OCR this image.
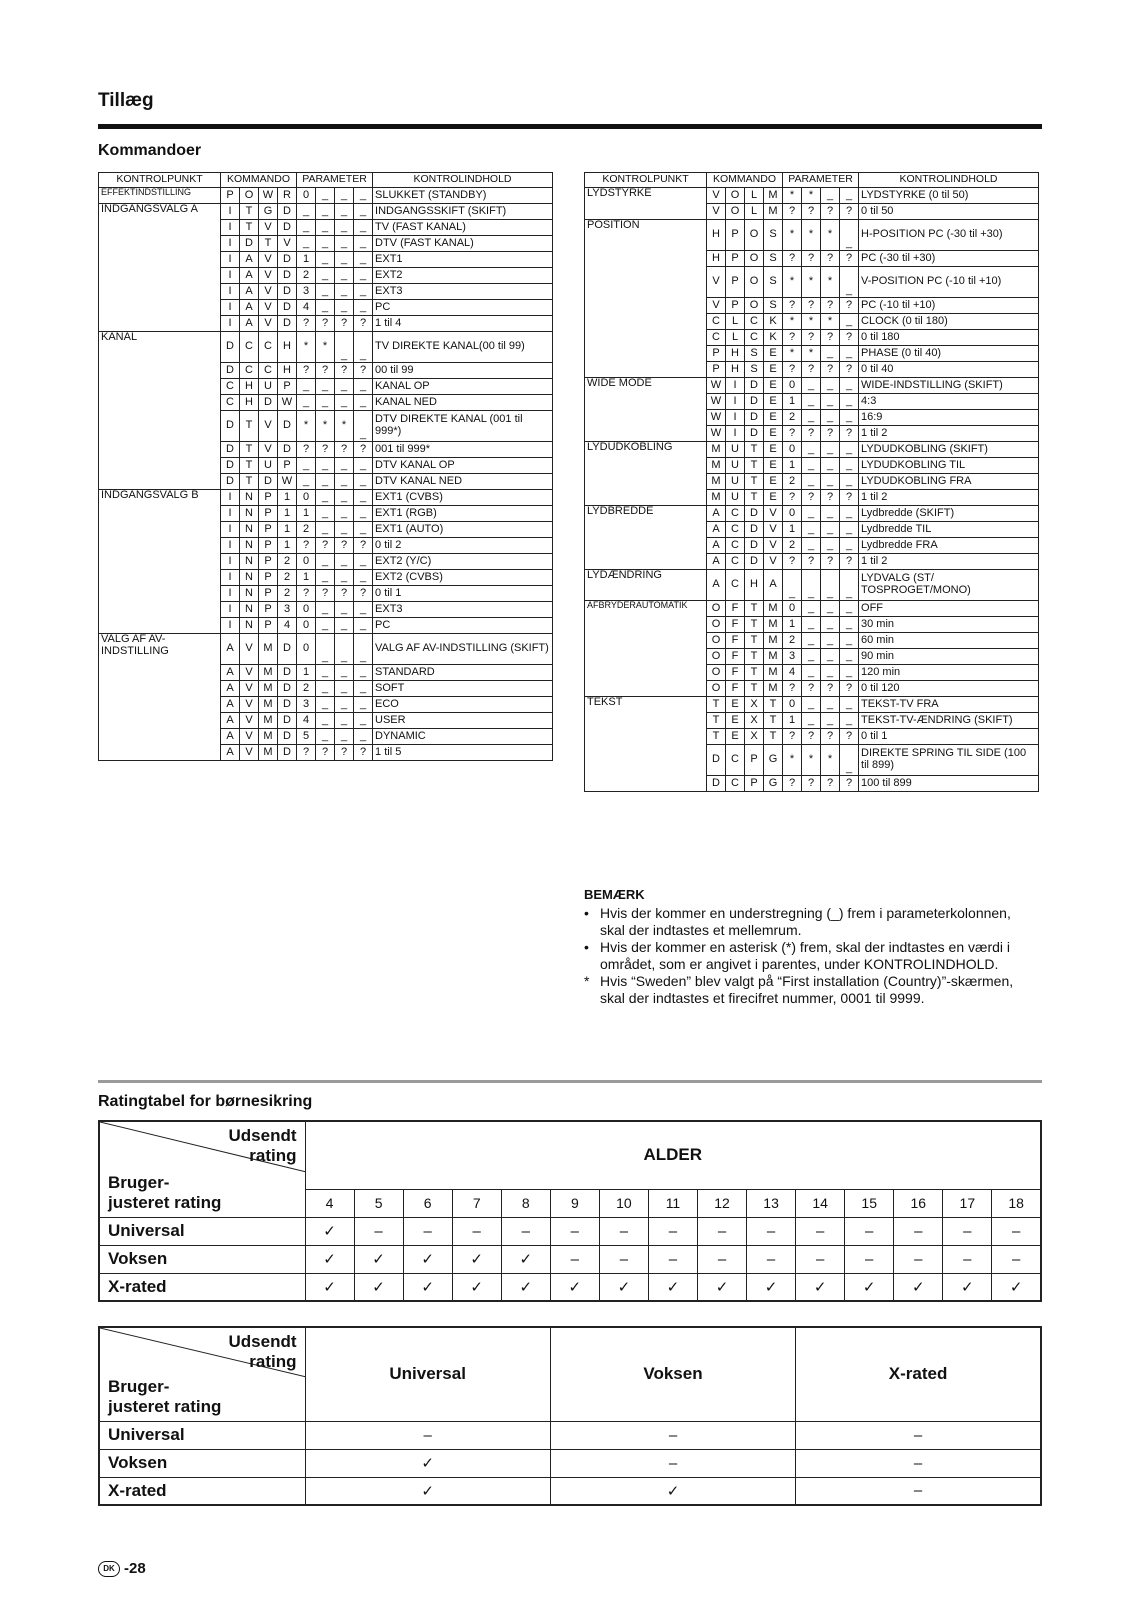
Tillæg
Kommandoer
KONTROLPUNKT	KOMMANDO				PARAMETER				KONTROLINDHOLD
EFFEKTINDSTILLING	P	O	W	R	0	_	_	_	SLUKKET (STANDBY)
INDGANGSVALG A	I	T	G	D	_	_	_	_	INDGANGSSKIFT (SKIFT)
	I	T	V	D	_	_	_	_	TV (FAST KANAL)
	I	D	T	V	_	_	_	_	DTV (FAST KANAL)
	I	A	V	D	1	_	_	_	EXT1
	I	A	V	D	2	_	_	_	EXT2
	I	A	V	D	3	_	_	_	EXT3
	I	A	V	D	4	_	_	_	PC
	I	A	V	D	?	?	?	?	1 til 4
KANAL	D	C	C	H	*	*	_	_	TV DIREKTE KANAL(00 til 99)
	D	C	C	H	?	?	?	?	00 til 99
	C	H	U	P	_	_	_	_	KANAL OP
	C	H	D	W	_	_	_	_	KANAL NED
	D	T	V	D	*	*	*	_	DTV DIREKTE KANAL (001 til 999*)
	D	T	V	D	?	?	?	?	001 til 999*
	D	T	U	P	_	_	_	_	DTV KANAL OP
	D	T	D	W	_	_	_	_	DTV KANAL NED
INDGANGSVALG B	I	N	P	1	0	_	_	_	EXT1 (CVBS)
	I	N	P	1	1	_	_	_	EXT1 (RGB)
	I	N	P	1	2	_	_	_	EXT1 (AUTO)
	I	N	P	1	?	?	?	?	0 til 2
	I	N	P	2	0	_	_	_	EXT2 (Y/C)
	I	N	P	2	1	_	_	_	EXT2 (CVBS)
	I	N	P	2	?	?	?	?	0 til 1
	I	N	P	3	0	_	_	_	EXT3
	I	N	P	4	0	_	_	_	PC
VALG AF AV-INDSTILLING	A	V	M	D	0	_	_	_	VALG AF AV-INDSTILLING (SKIFT)
	A	V	M	D	1	_	_	_	STANDARD
	A	V	M	D	2	_	_	_	SOFT
	A	V	M	D	3	_	_	_	ECO
	A	V	M	D	4	_	_	_	USER
	A	V	M	D	5	_	_	_	DYNAMIC
	A	V	M	D	?	?	?	?	1 til 5
KONTROLPUNKT	KOMMANDO				PARAMETER				KONTROLINDHOLD
LYDSTYRKE	V	O	L	M	*	*	_	_	LYDSTYRKE (0 til 50)
	V	O	L	M	?	?	?	?	0 til 50
POSITION	H	P	O	S	*	*	*	_	H-POSITION PC (-30 til +30)
	H	P	O	S	?	?	?	?	PC (-30 til +30)
	V	P	O	S	*	*	*	_	V-POSITION PC (-10 til +10)
	V	P	O	S	?	?	?	?	PC (-10 til +10)
	C	L	C	K	*	*	*	_	CLOCK (0 til 180)
	C	L	C	K	?	?	?	?	0 til 180
	P	H	S	E	*	*	_	_	PHASE (0 til 40)
	P	H	S	E	?	?	?	?	0 til 40
WIDE MODE	W	I	D	E	0	_	_	_	WIDE-INDSTILLING (SKIFT)
	W	I	D	E	1	_	_	_	4:3
	W	I	D	E	2	_	_	_	16:9
	W	I	D	E	?	?	?	?	1 til 2
LYDUDKOBLING	M	U	T	E	0	_	_	_	LYDUDKOBLING (SKIFT)
	M	U	T	E	1	_	_	_	LYDUDKOBLING TIL
	M	U	T	E	2	_	_	_	LYDUDKOBLING FRA
	M	U	T	E	?	?	?	?	1 til 2
LYDBREDDE	A	C	D	V	0	_	_	_	Lydbredde (SKIFT)
	A	C	D	V	1	_	_	_	Lydbredde TIL
	A	C	D	V	2	_	_	_	Lydbredde FRA
	A	C	D	V	?	?	?	?	1 til 2
LYDÆNDRING	A	C	H	A	_	_	_	_	LYDVALG (ST/ TOSPROGET/MONO)
AFBRYDERAUTOMATIK	O	F	T	M	0	_	_	_	OFF
	O	F	T	M	1	_	_	_	30 min
	O	F	T	M	2	_	_	_	60 min
	O	F	T	M	3	_	_	_	90 min
	O	F	T	M	4	_	_	_	120 min
	O	F	T	M	?	?	?	?	0 til 120
TEKST	T	E	X	T	0	_	_	_	TEKST-TV FRA
	T	E	X	T	1	_	_	_	TEKST-TV-ÆNDRING (SKIFT)
	T	E	X	T	?	?	?	?	0 til 1
	D	C	P	G	*	*	*	_	DIREKTE SPRING TIL SIDE (100 til 899)
	D	C	P	G	?	?	?	?	100 til 899
BEMÆRK
• Hvis der kommer en understregning (_) frem i parameterkolonnen, skal der indtastes et mellemrum.
• Hvis der kommer en asterisk (*) frem, skal der indtastes en værdi i området, som er angivet i parentes, under KONTROLINDHOLD.
* Hvis “Sweden” blev valgt på “First installation (Country)”-skærmen, skal der indtastes et firecifret nummer, 0001 til 9999.
Ratingtabel for børnesikring
Udsendt
rating
Bruger-
justeret rating	ALDER														
	4	5	6	7	8	9	10	11	12	13	14	15	16	17	18
Universal	✓	–	–	–	–	–	–	–	–	–	–	–	–	–	–
Voksen	✓	✓	✓	✓	✓	–	–	–	–	–	–	–	–	–	–
X-rated	✓	✓	✓	✓	✓	✓	✓	✓	✓	✓	✓	✓	✓	✓	✓
Udsendt
rating
Bruger-
justeret rating	Universal	Voksen	X-rated
Universal	–	–	–
Voksen	✓	–	–
X-rated	✓	✓	–
DK -28
